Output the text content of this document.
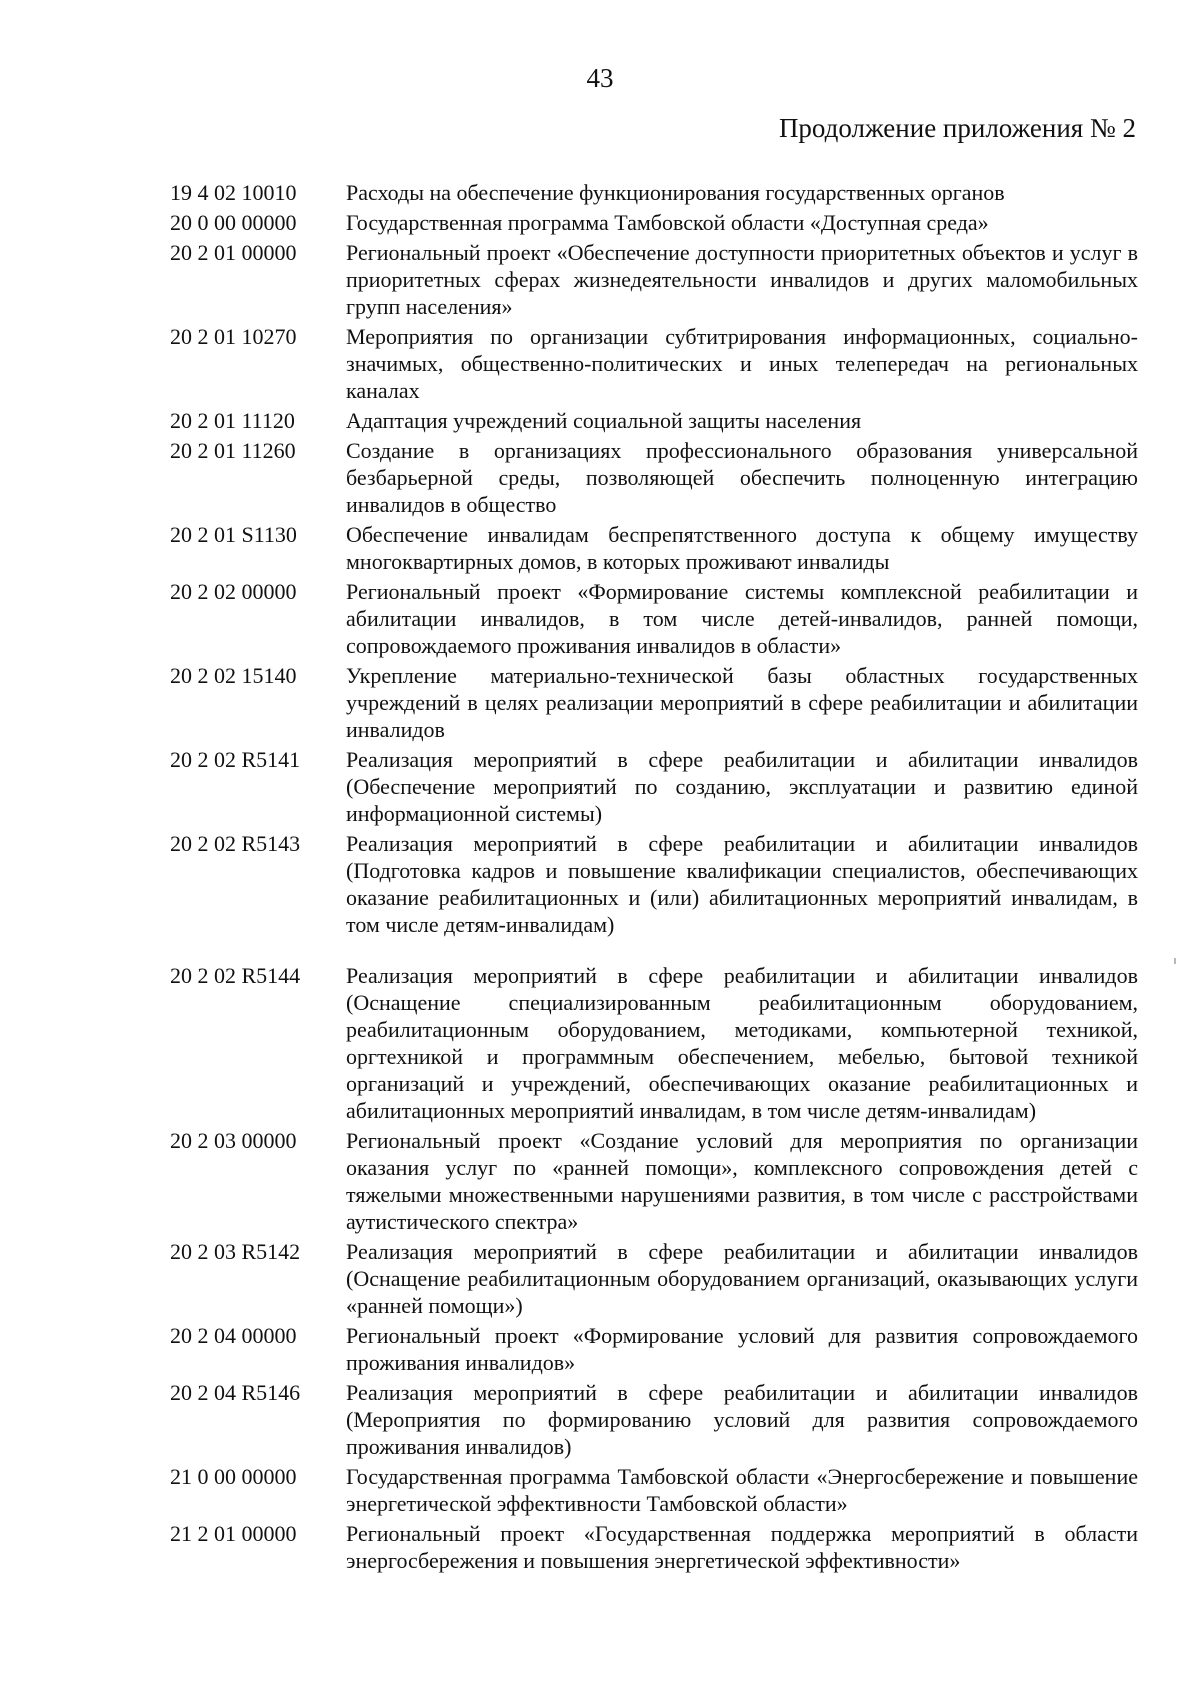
43
Продолжение приложения № 2
19 4 02 10010	Расходы на обеспечение функционирования государственных органов
20 0 00 00000	Государственная программа Тамбовской области «Доступная среда»
20 2 01 00000	Региональный проект «Обеспечение доступности приоритетных объектов и услуг в приоритетных сферах жизнедеятельности инвалидов и других маломобильных групп населения»
20 2 01 10270	Мероприятия по организации субтитрирования информационных, социально-значимых, общественно-политических и иных телепередач на региональных каналах
20 2 01 11120	Адаптация учреждений социальной защиты населения
20 2 01 11260	Создание в организациях профессионального образования универсальной безбарьерной среды, позволяющей обеспечить полноценную интеграцию инвалидов в общество
20 2 01 S1130	Обеспечение инвалидам беспрепятственного доступа к общему имуществу многоквартирных домов, в которых проживают инвалиды
20 2 02 00000	Региональный проект «Формирование системы комплексной реабилитации и абилитации инвалидов, в том числе детей-инвалидов, ранней помощи, сопровождаемого проживания инвалидов в области»
20 2 02 15140	Укрепление материально-технической базы областных государственных учреждений в целях реализации мероприятий в сфере реабилитации и абилитации инвалидов
20 2 02 R5141	Реализация мероприятий в сфере реабилитации и абилитации инвалидов (Обеспечение мероприятий по созданию, эксплуатации и развитию единой информационной системы)
20 2 02 R5143	Реализация мероприятий в сфере реабилитации и абилитации инвалидов (Подготовка кадров и повышение квалификации специалистов, обеспечивающих оказание реабилитационных и (или) абилитационных мероприятий инвалидам, в том числе детям-инвалидам)
20 2 02 R5144	Реализация мероприятий в сфере реабилитации и абилитации инвалидов (Оснащение специализированным реабилитационным оборудованием, реабилитационным оборудованием, методиками, компьютерной техникой, оргтехникой и программным обеспечением, мебелью, бытовой техникой организаций и учреждений, обеспечивающих оказание реабилитационных и абилитационных мероприятий инвалидам, в том числе детям-инвалидам)
20 2 03 00000	Региональный проект «Создание условий для мероприятия по организации оказания услуг по «ранней помощи», комплексного сопровождения детей с тяжелыми множественными нарушениями развития, в том числе с расстройствами аутистического спектра»
20 2 03 R5142	Реализация мероприятий в сфере реабилитации и абилитации инвалидов (Оснащение реабилитационным оборудованием организаций, оказывающих услуги «ранней помощи»)
20 2 04 00000	Региональный проект «Формирование условий для развития сопровождаемого проживания инвалидов»
20 2 04 R5146	Реализация мероприятий в сфере реабилитации и абилитации инвалидов (Мероприятия по формированию условий для развития сопровождаемого проживания инвалидов)
21 0 00 00000	Государственная программа Тамбовской области «Энергосбережение и повышение энергетической эффективности Тамбовской области»
21 2 01 00000	Региональный проект «Государственная поддержка мероприятий в области энергосбережения и повышения энергетической эффективности»
